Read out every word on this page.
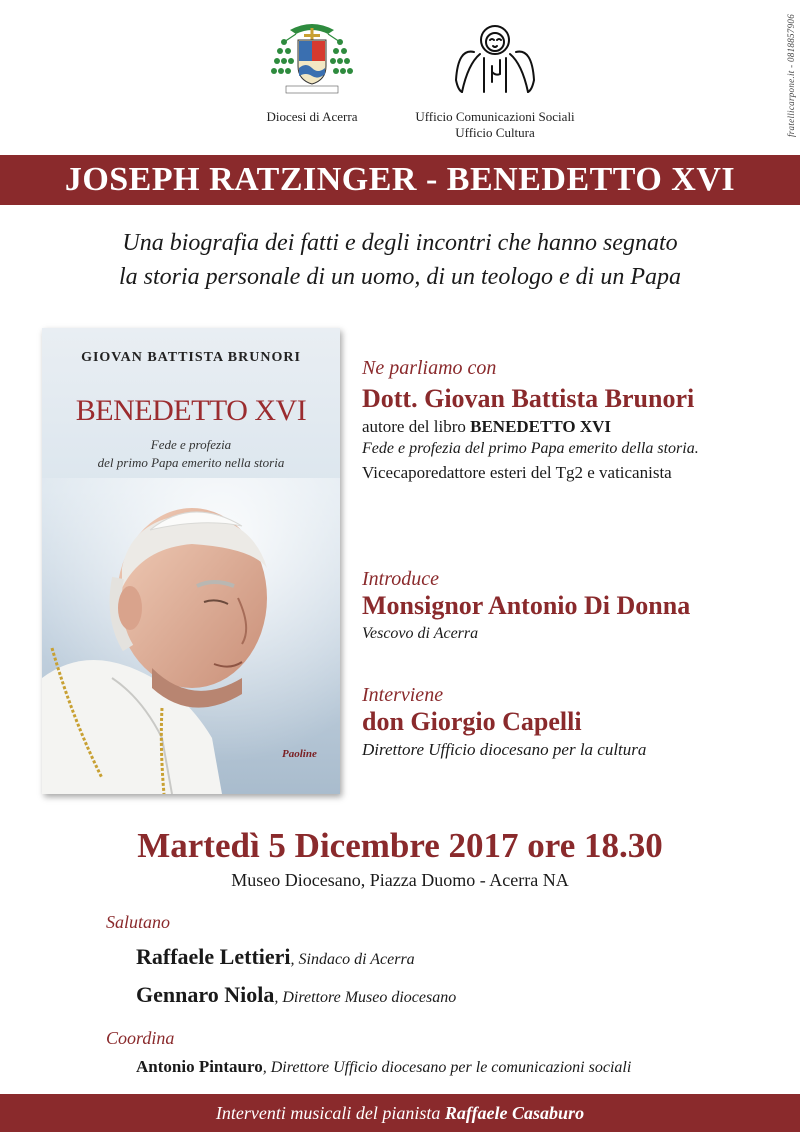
Diocesi di Acerra	Ufficio Comunicazioni Sociali
Ufficio Cultura	fratellicarpone.it - 0818857906
JOSEPH RATZINGER - BENEDETTO XVI
Una biografia dei fatti e degli incontri che hanno segnato
la storia personale di un uomo, di un teologo e di un Papa
GIOVAN BATTISTA BRUNORI
BENEDETTO XVI
Fede e profezia
del primo Papa emerito nella storia
Paoline
Ne parliamo con
Dott. Giovan Battista Brunori
autore del libro BENEDETTO XVI
Fede e profezia del primo Papa emerito della storia.
Vicecaporedattore esteri del Tg2 e vaticanista
Introduce
Monsignor Antonio Di Donna
Vescovo di Acerra
Interviene
don Giorgio Capelli
Direttore Ufficio diocesano per la cultura
Martedì 5 Dicembre 2017 ore 18.30
Museo Diocesano, Piazza Duomo - Acerra NA
Salutano
Raffaele Lettieri, Sindaco di Acerra
Gennaro Niola, Direttore Museo diocesano
Coordina
Antonio Pintauro, Direttore Ufficio diocesano per le comunicazioni sociali
Interventi musicali del pianista Raffaele Casaburo
